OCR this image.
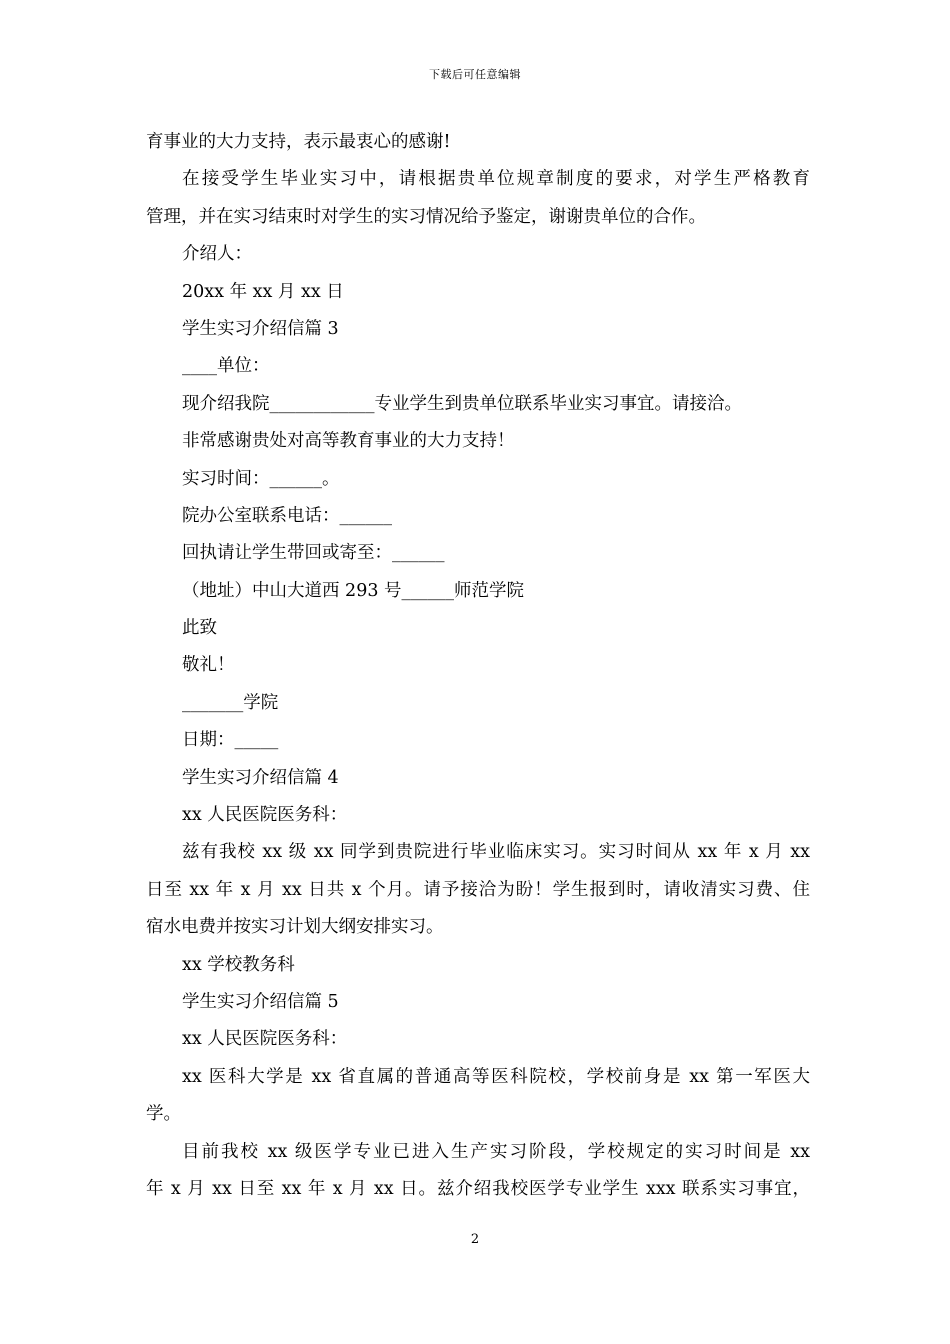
下载后可任意编辑
育事业的大力支持，表示最衷心的感谢!
在接受学生毕业实习中，请根据贵单位规章制度的要求，对学生严格教育
管理，并在实习结束时对学生的实习情况给予鉴定，谢谢贵单位的合作。
介绍人：
20xx 年 xx 月 xx 日
学生实习介绍信篇 3
____单位：
现介绍我院____________专业学生到贵单位联系毕业实习事宜。请接洽。
非常感谢贵处对高等教育事业的大力支持！
实习时间：______。
院办公室联系电话：______
回执请让学生带回或寄至：______
（地址）中山大道西 293 号______师范学院
此致
敬礼！
_______学院
日期：_____
学生实习介绍信篇 4
xx 人民医院医务科：
兹有我校 xx 级 xx 同学到贵院进行毕业临床实习。实习时间从 xx 年 x 月 xx
日至 xx 年 x 月 xx 日共 x 个月。请予接洽为盼！学生报到时，请收清实习费、住
宿水电费并按实习计划大纲安排实习。
xx 学校教务科
学生实习介绍信篇 5
xx 人民医院医务科：
xx 医科大学是 xx 省直属的普通高等医科院校，学校前身是 xx 第一军医大
学。
目前我校 xx 级医学专业已进入生产实习阶段，学校规定的实习时间是 xx
年 x 月 xx 日至 xx 年 x 月 xx 日。兹介绍我校医学专业学生 xxx 联系实习事宜，
2
